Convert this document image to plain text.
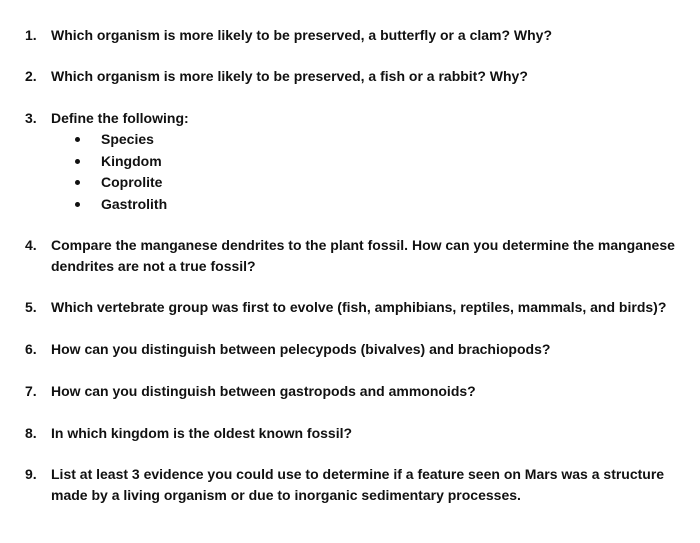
1.	Which organism is more likely to be preserved, a butterfly or a clam? Why?
2.	Which organism is more likely to be preserved, a fish or a rabbit? Why?
3.	Define the following:
Species
Kingdom
Coprolite
Gastrolith
4.	Compare the manganese dendrites to the plant fossil. How can you determine the manganese dendrites are not a true fossil?
5.	Which vertebrate group was first to evolve (fish, amphibians, reptiles, mammals, and birds)?
6.	How can you distinguish between pelecypods (bivalves) and brachiopods?
7.	How can you distinguish between gastropods and ammonoids?
8.	In which kingdom is the oldest known fossil?
9.	List at least 3 evidence you could use to determine if a feature seen on Mars was a structure made by a living organism or due to inorganic sedimentary processes.
